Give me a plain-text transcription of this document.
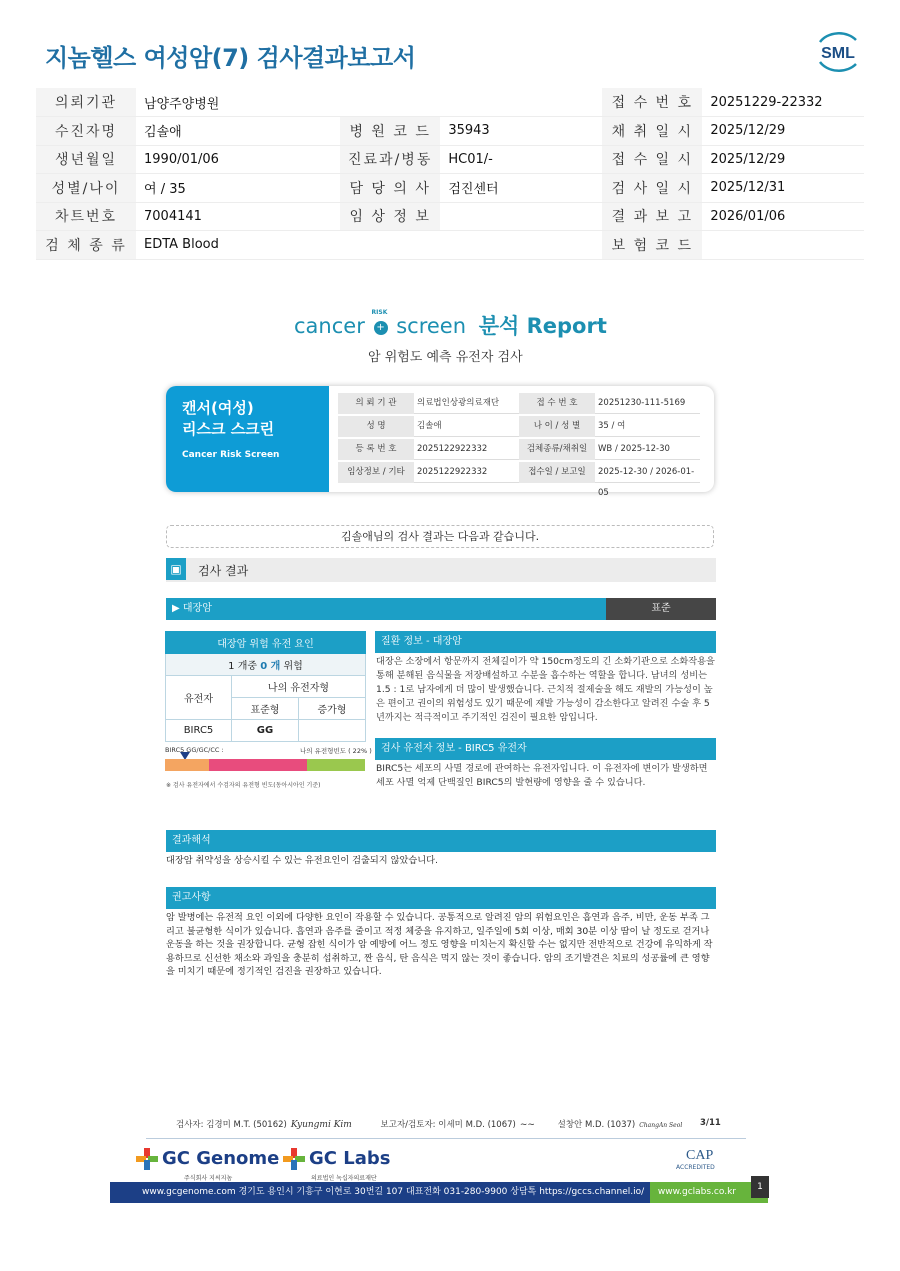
지놈헬스 여성암(7) 검사결과보고서	SML
의뢰기관	남양주양병원			접 수 번 호	20251229-22332
수진자명	김솔애	병 원 코 드	35943	채 취 일 시	2025/12/29
생년월일	1990/01/06	진료과/병동	HC01/-	접 수 일 시	2025/12/29
성별/나이	여 / 35	담 당 의 사	검진센터	검 사 일 시	2025/12/31
차트번호	7004141	임 상 정 보		결 과 보 고	2026/01/06
검 체 종 류	EDTA Blood			보 험 코 드	
cancer +
RISK
screen 분석 Report
암 위험도 예측 유전자 검사
캔서(여성)
리스크 스크린
Cancer Risk Screen
의 뢰 기 관	의료법인상광의료재단	접 수 번 호	20251230-111-5169
성 명	김솔애	나 이 / 성 별	35 / 여
등 록 번 호	2025122922332	검체종류/채취일	WB / 2025-12-30
임상정보 / 기타	2025122922332	접수일 / 보고일	2025-12-30 / 2026-01-05
김솔애님의 검사 결과는 다음과 같습니다.
▣	검사 결과
▶ 대장암	표준
대장암 위험 유전 요인		
1 개중 0 개 위험		
유전자	나의 유전자형	
	표준형	증가형
BIRC5	GG	
BIRC5 GG/GC/CC :	나의 유전형빈도 ( 22% )
※ 검사 유전자에서 수검자의 유전형 빈도(동아시아인 기준)
질환 정보 - 대장암
대장은 소장에서 항문까지 전체길이가 약 150cm정도의 긴 소화기관으로 소화작용을 통해 분해된 음식물을 저장배설하고 수분을 흡수하는 역할을 합니다. 남녀의 성비는 1.5 : 1로 남자에게 더 많이 발생했습니다. 근치적 절제술을 해도 재발의 가능성이 높은 편이고 권이의 위험성도 있기 때문에 재발 가능성이 감소한다고 알려진 수술 후 5년까지는 적극적이고 주기적인 검진이 필요한 암입니다.
검사 유전자 정보 - BIRC5 유전자
BIRC5는 세포의 사멸 경로에 관여하는 유전자입니다. 이 유전자에 변이가 발생하면 세포 사멸 억제 단백질인 BIRC5의 발현량에 영향을 줄 수 있습니다.
결과해석
대장암 취약성을 상승시킬 수 있는 유전요인이 검출되지 않았습니다.
권고사항
암 발병에는 유전적 요인 이외에 다양한 요인이 작용할 수 있습니다. 공통적으로 알려진 암의 위험요인은 흡연과 음주, 비만, 운동 부족 그리고 불균형한 식이가 있습니다. 흡연과 음주를 줄이고 적정 체중을 유지하고, 일주일에 5회 이상, 매회 30분 이상 땀이 날 정도로 걷거나 운동을 하는 것을 권장합니다. 균형 잡힌 식이가 암 예방에 어느 정도 영향을 미치는지 확신할 수는 없지만 전반적으로 건강에 유익하게 작용하므로 신선한 채소와 과일을 충분히 섭취하고, 짠 음식, 탄 음식은 먹지 않는 것이 좋습니다. 암의 조기발견은 치료의 성공률에 큰 영향을 미치기 때문에 정기적인 검진을 권장하고 있습니다.
검사자: 김경미 M.T. (50162) Kyungmi Kim	보고자/검토자: 이세미 M.D. (1067) ~~	설창안 M.D. (1037) ChangAn Seol	3/11
GC Genome
주식회사 지씨지놈
GC Labs
의료법인 녹십자의료재단
CAP
ACCREDITED
www.gcgenome.com 경기도 용인시 기흥구 이현로 30번길 107 대표전화 031-280-9900 상담톡 https://gccs.channel.io/ www.gclabs.co.kr	1
